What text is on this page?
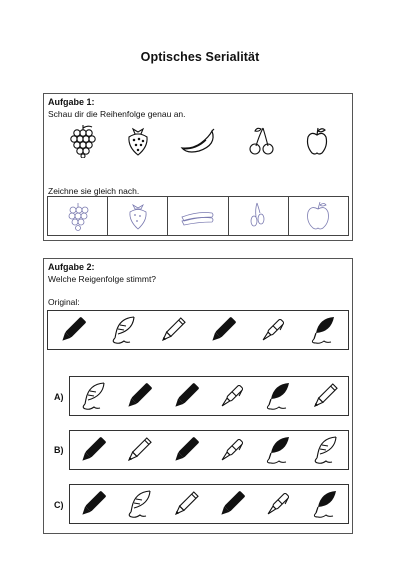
Optisches Serialität
Aufgabe 1:
Schau dir die Reihenfolge genau an.
Zeichne sie gleich nach.
Aufgabe 2:
Welche Reigenfolge stimmt?
Original:
A)
B)
C)
